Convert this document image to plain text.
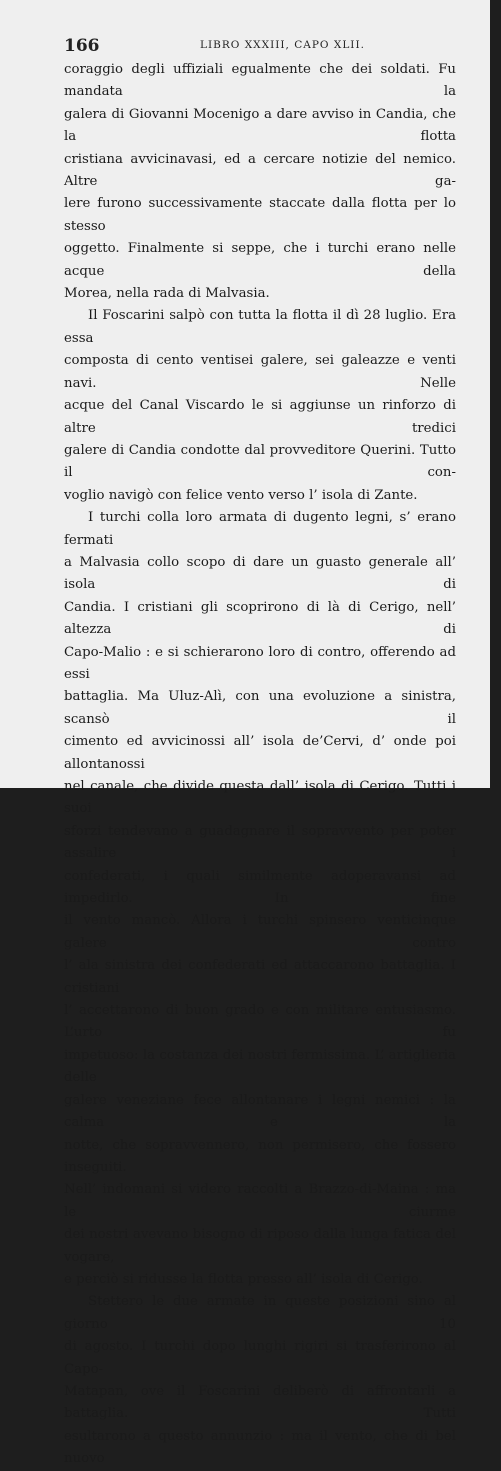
166	LIBRO XXXIII, CAPO XLII.

coraggio degli uffiziali egualmente che dei soldati. Fu mandata la

galera di Giovanni Mocenigo a dare avviso in Candia, che la flotta

cristiana avvicinavasi, ed a cercare notizie del nemico. Altre ga-

lere furono successivamente staccate dalla flotta per lo stesso

oggetto. Finalmente si seppe, che i turchi erano nelle acque della

Morea, nella rada di Malvasia.

Il Foscarini salpò con tutta la flotta il dì 28 luglio. Era essa

composta di cento ventisei galere, sei galeazze e venti navi. Nelle

acque del Canal Viscardo le si aggiunse un rinforzo di altre tredici

galere di Candia condotte dal provveditore Querini. Tutto il con-

voglio navigò con felice vento verso l’ isola di Zante.

I turchi colla loro armata di dugento legni, s’ erano fermati

a Malvasia collo scopo di dare un guasto generale all’ isola di

Candia. I cristiani gli scoprirono di là di Cerigo, nell’ altezza di

Capo-Malio : e si schierarono loro di contro, offerendo ad essi

battaglia. Ma Uluz-Alì, con una evoluzione a sinistra, scansò il

cimento ed avvicinossi all’ isola de’Cervi, d’ onde poi allontanossi

nel canale, che divide questa dall’ isola di Cerigo. Tutti i suoi

sforzi tendevano a guadagnare il sopravvento per poter assalire i

confederati, i quali similmente adoperavansi ad impedirlo. In fine

il vento mancò. Allora i turchi spinsero venticinque galere contro

l’ ala sinistra dei confederati ed attaccarono battaglia. I cristiani

l’ accettarono di buon grado e con militare entusiasmo. L’urto fu

impetuoso: la costanza dei nostri fermissima. L’ artiglieria delle

galere veneziane fece allontanare i legni nemici : la calma e la

notte, che sopravvennero, non permisero, che fossero inseguiti.

Nell’ indomani si videro raccolti a Brazzo-di-Maina : ma le ciurme

dei nostri avevano bisogno di riposo dalla lunga fatica del vogare,

e perciò si ridusse la flotta presso all’ isola di Cerigo.

Stettero le due armate in queste posizioni sino al giorno 10

di agosto. I turchi dopo lunghi rigiri si trasferirono al Capo-

Matapan, ove il Foscarini deliberò di affrontarli a battaglia. Tutti

esultarono a questo annunzio : ma il vento, che di bel nuovo
